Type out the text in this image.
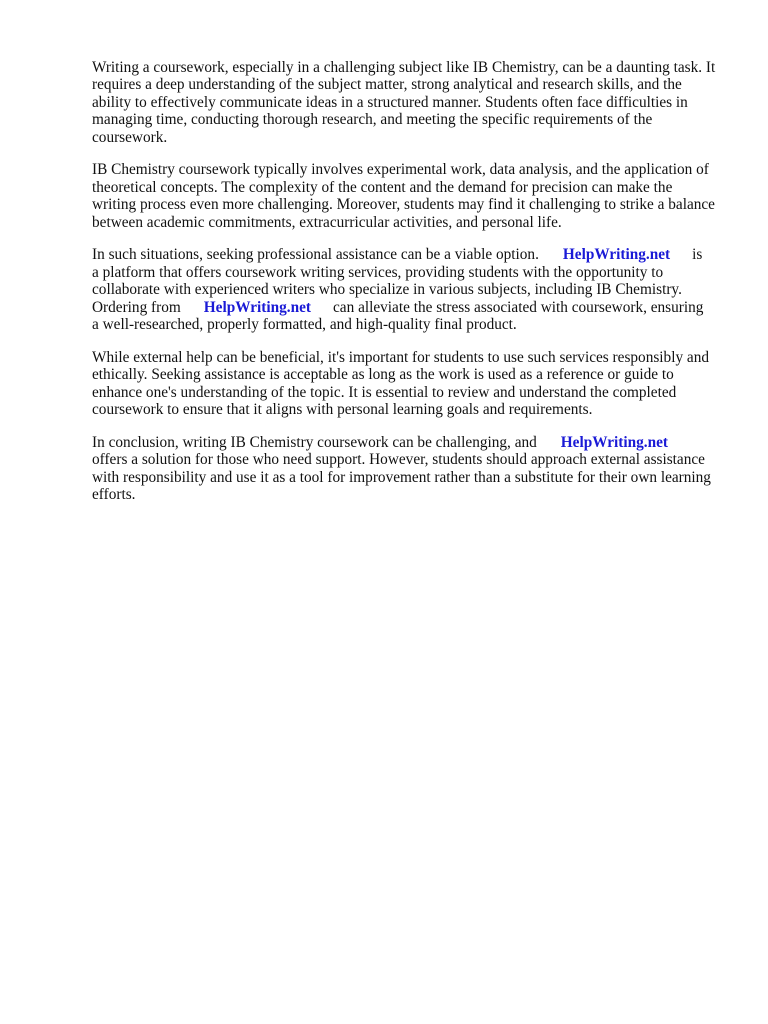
Writing a coursework, especially in a challenging subject like IB Chemistry, can be a daunting task. It
requires a deep understanding of the subject matter, strong analytical and research skills, and the
ability to effectively communicate ideas in a structured manner. Students often face difficulties in
managing time, conducting thorough research, and meeting the specific requirements of the
coursework.

IB Chemistry coursework typically involves experimental work, data analysis, and the application of
theoretical concepts. The complexity of the content and the demand for precision can make the
writing process even more challenging. Moreover, students may find it challenging to strike a balance
between academic commitments, extracurricular activities, and personal life.

In such situations, seeking professional assistance can be a viable option. HelpWriting.net is
a platform that offers coursework writing services, providing students with the opportunity to
collaborate with experienced writers who specialize in various subjects, including IB Chemistry.
Ordering from HelpWriting.net can alleviate the stress associated with coursework, ensuring
a well-researched, properly formatted, and high-quality final product.

While external help can be beneficial, it's important for students to use such services responsibly and
ethically. Seeking assistance is acceptable as long as the work is used as a reference or guide to
enhance one's understanding of the topic. It is essential to review and understand the completed
coursework to ensure that it aligns with personal learning goals and requirements.

In conclusion, writing IB Chemistry coursework can be challenging, and HelpWriting.net
offers a solution for those who need support. However, students should approach external assistance
with responsibility and use it as a tool for improvement rather than a substitute for their own learning
efforts.
